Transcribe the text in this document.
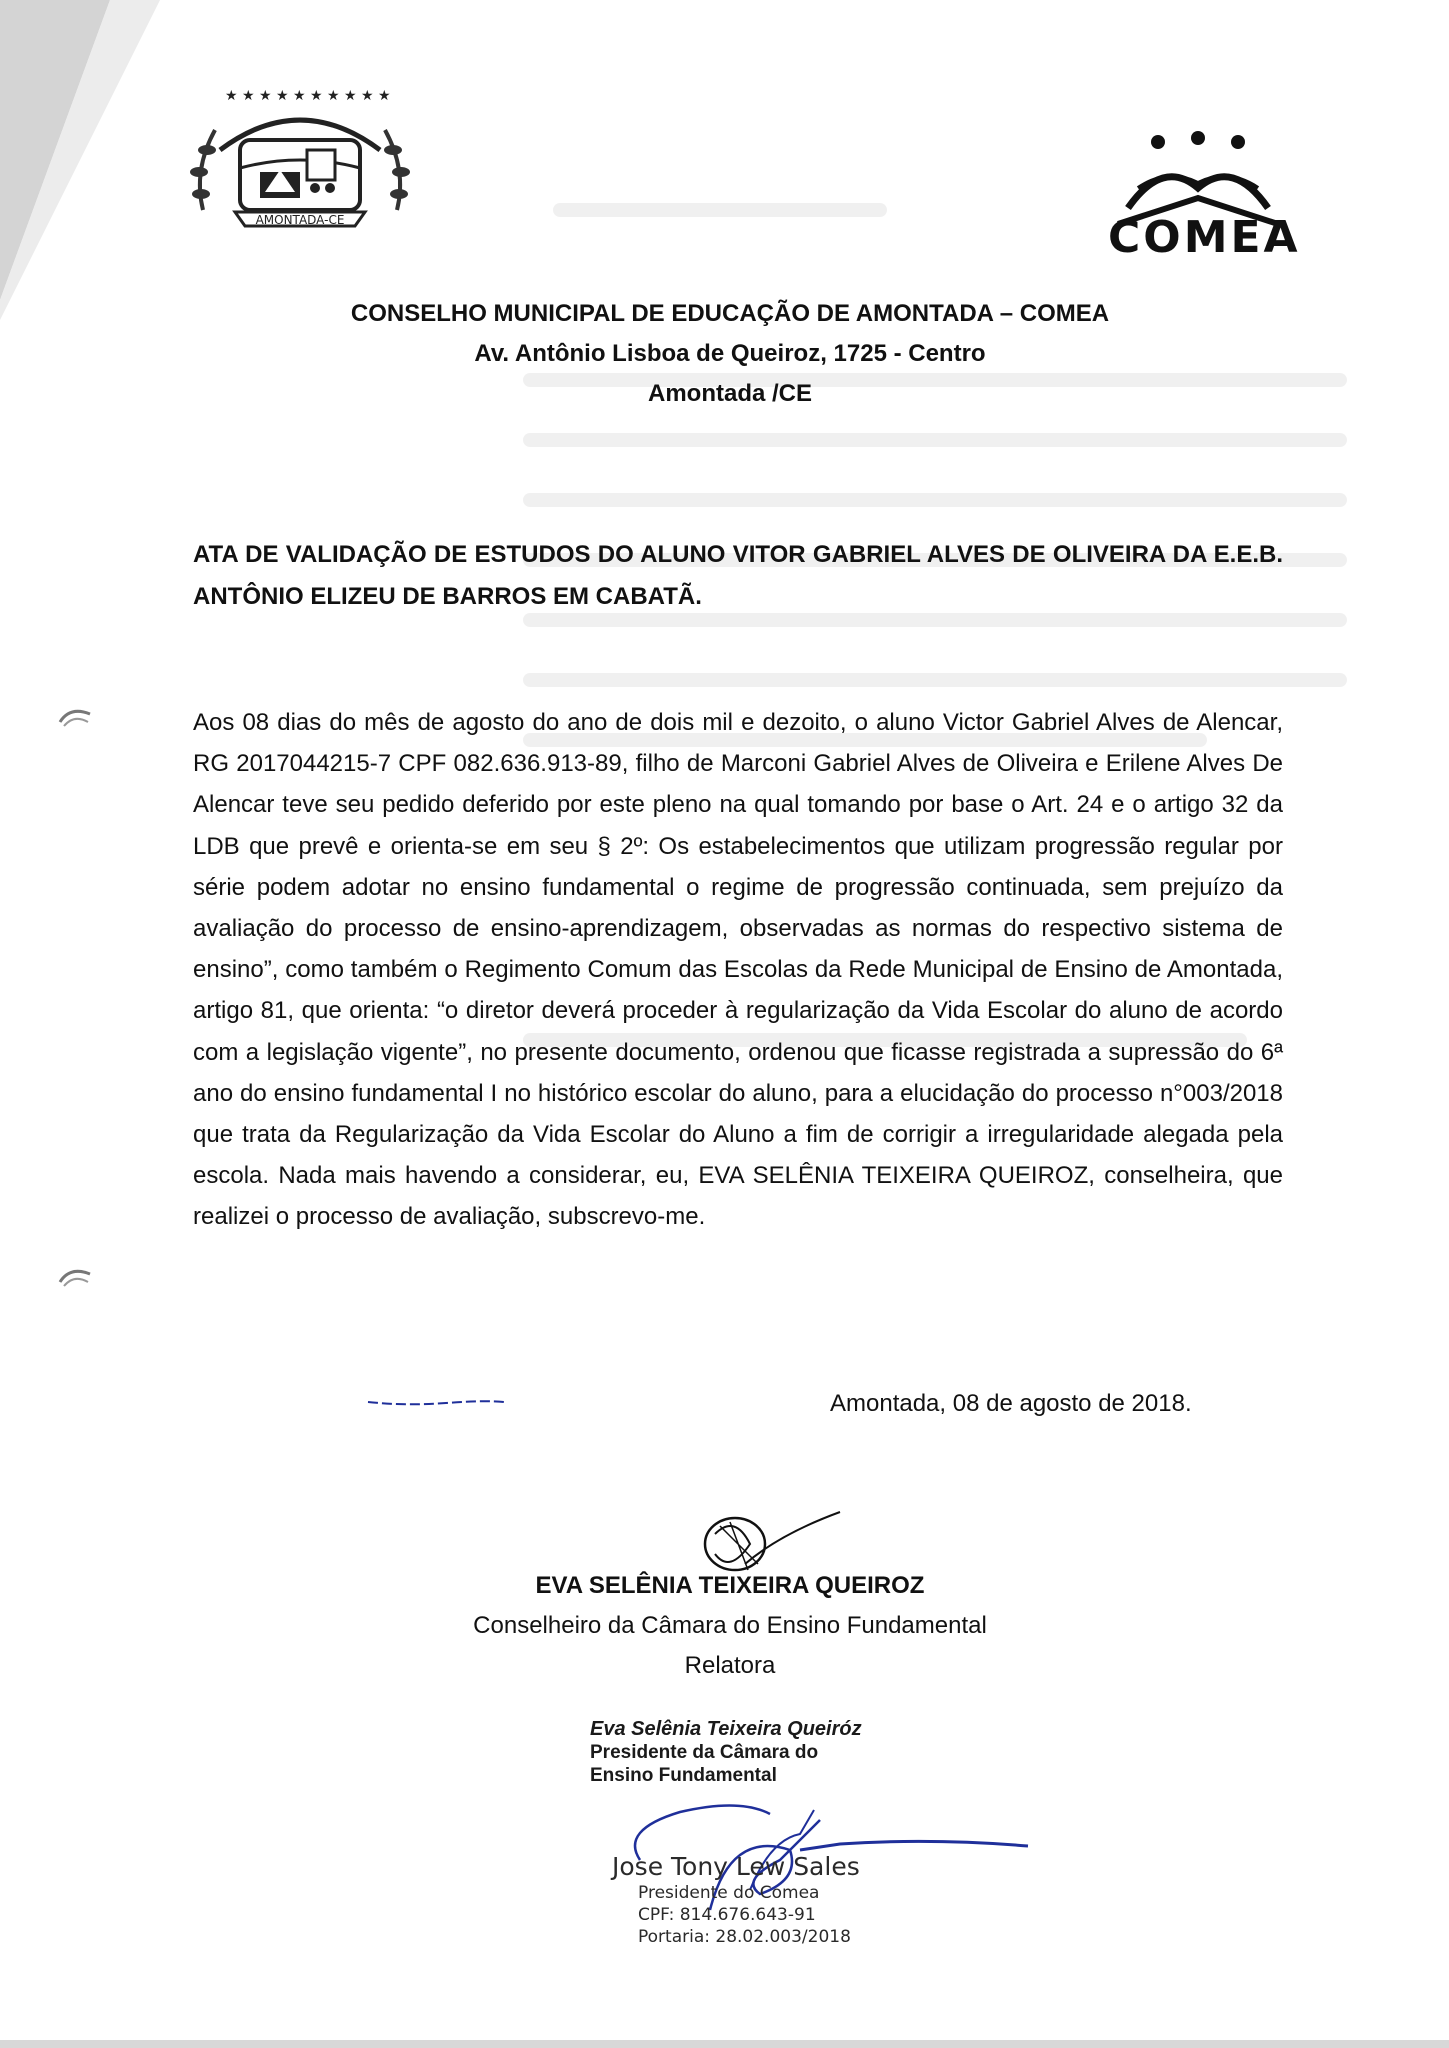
★ ★ ★ ★ ★ ★ ★ ★ ★ ★
AMONTADA-CE	COMEA
CONSELHO MUNICIPAL DE EDUCAÇÃO DE AMONTADA – COMEA
Av. Antônio Lisboa de Queiroz, 1725 - Centro
Amontada /CE
ATA DE VALIDAÇÃO DE ESTUDOS DO ALUNO VITOR GABRIEL ALVES DE OLIVEIRA DA E.E.B. ANTÔNIO ELIZEU DE BARROS EM CABATÃ.
Aos 08 dias do mês de agosto do ano de dois mil e dezoito, o aluno Victor Gabriel Alves de Alencar, RG 2017044215-7 CPF 082.636.913-89, filho de Marconi Gabriel Alves de Oliveira e Erilene Alves De Alencar teve seu pedido deferido por este pleno na qual tomando por base o Art. 24 e o artigo 32 da LDB que prevê e orienta-se em seu § 2º: Os estabelecimentos que utilizam progressão regular por série podem adotar no ensino fundamental o regime de progressão continuada, sem prejuízo da avaliação do processo de ensino-aprendizagem, observadas as normas do respectivo sistema de ensino”, como também o Regimento Comum das Escolas da Rede Municipal de Ensino de Amontada, artigo 81, que orienta: “o diretor deverá proceder à regularização da Vida Escolar do aluno de acordo com a legislação vigente”, no presente documento, ordenou que ficasse registrada a supressão do 6ª ano do ensino fundamental I no histórico escolar do aluno, para a elucidação do processo n°003/2018 que trata da Regularização da Vida Escolar do Aluno a fim de corrigir a irregularidade alegada pela escola. Nada mais havendo a considerar, eu, EVA SELÊNIA TEIXEIRA QUEIROZ, conselheira, que realizei o processo de avaliação, subscrevo-me.
Amontada, 08 de agosto de 2018.
EVA SELÊNIA TEIXEIRA QUEIROZ
Conselheiro da Câmara do Ensino Fundamental
Relatora
Eva Selênia Teixeira Queiróz
Presidente da Câmara do
Ensino Fundamental
Jose Tony Lew Sales
Presidente do Comea
CPF: 814.676.643-91
Portaria: 28.02.003/2018
